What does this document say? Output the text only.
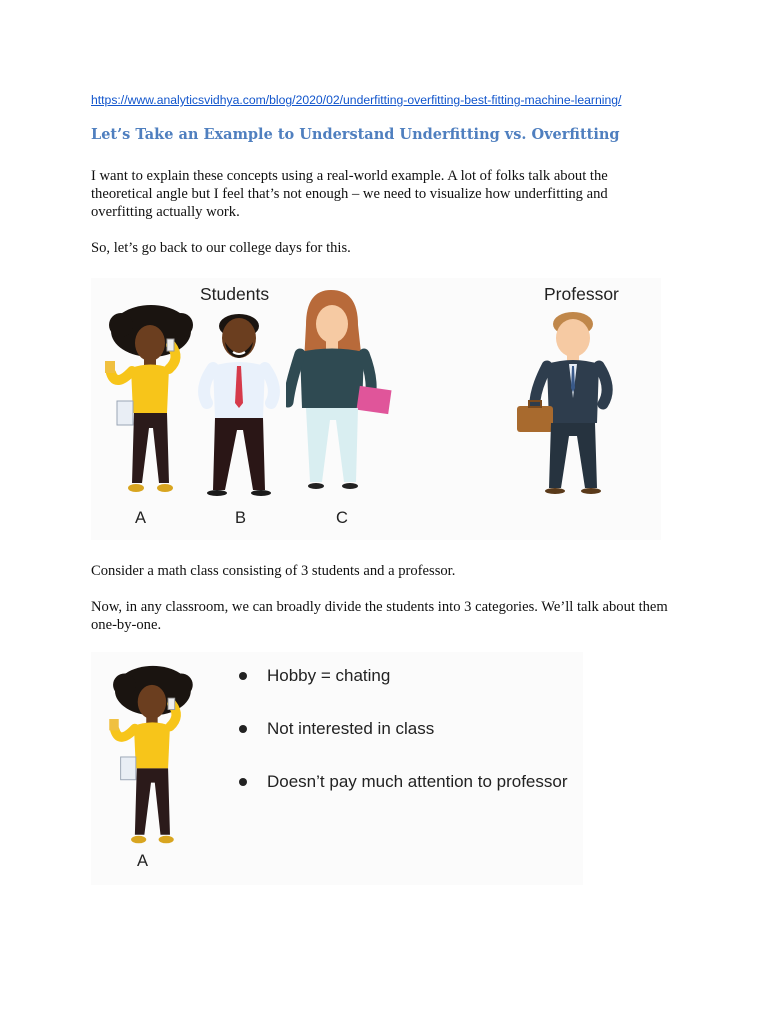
https://www.analyticsvidhya.com/blog/2020/02/underfitting-overfitting-best-fitting-machine-learning/
Let’s Take an Example to Understand Underfitting vs. Overfitting

I want to explain these concepts using a real-world example. A lot of folks talk about the theoretical angle but I feel that’s not enough – we need to visualize how underfitting and overfitting actually work.

So, let’s go back to our college days for this.

Students	Professor
A	B	C

Consider a math class consisting of 3 students and a professor.

Now, in any classroom, we can broadly divide the students into 3 categories. We’ll talk about them one-by-one.

A
Hobby = chating
Not interested in class
Doesn’t pay much attention to professor
